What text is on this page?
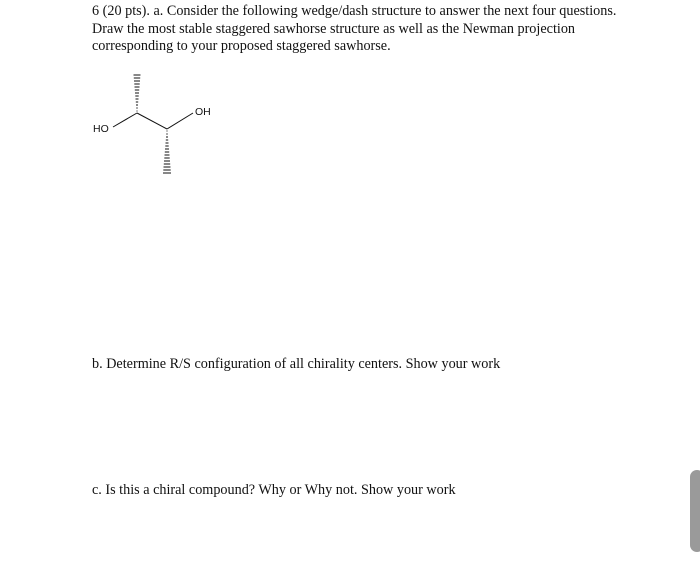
6 (20 pts). a. Consider the following wedge/dash structure to answer the next four questions.
Draw the most stable staggered sawhorse structure as well as the Newman projection
corresponding to your proposed staggered sawhorse.
OH
HO
b. Determine R/S configuration of all chirality centers. Show your work
c. Is this a chiral compound? Why or Why not. Show your work
